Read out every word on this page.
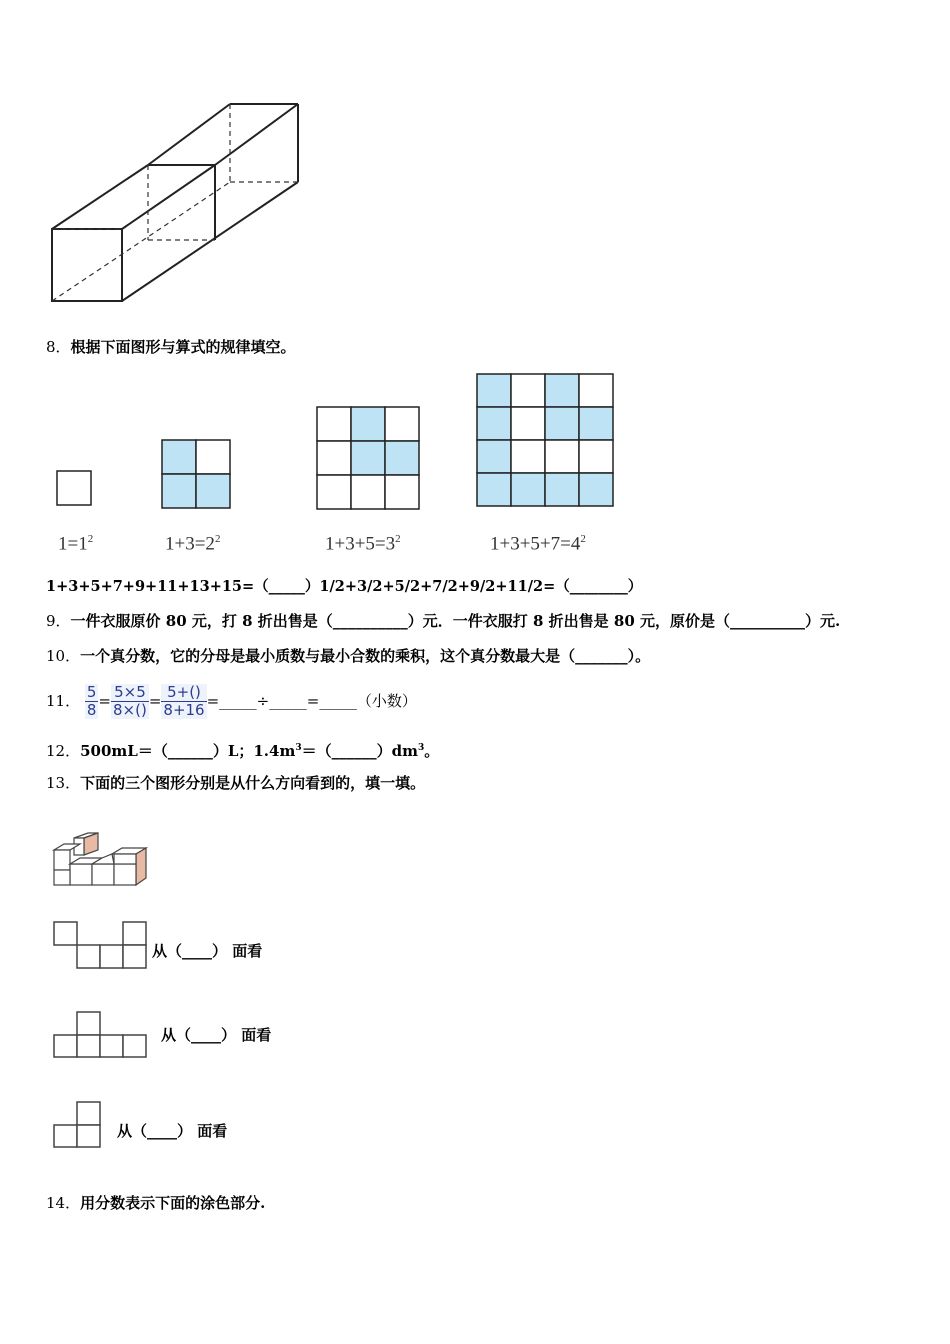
8．根据下面图形与算式的规律填空。
$1=1^2$	$1+3=2^2$	$1+3+5=3^2$	$1+3+5+7=4^2$
1+3+5+7+9+11+13+15=（_____）1/2+3/2+5/2+7/2+9/2+11/2=（________）
9．一件衣服原价 80 元，打 8 折出售是（__________）元．一件衣服打 8 折出售是 80 元，原价是（__________）元.
10．一个真分数，它的分母是最小质数与最小合数的乘积，这个真分数最大是（_______）。
11． $\frac{5}{8} = \frac{5\times 5}{8\times()} = \frac{5+()}{8+16}$ =_____÷_____=_____（小数）
12．500mL＝（______）L；$1.4m^3=(\_\_\_\_\_\_)dm^3$。
13．下面的三个图形分别是从什么方向看到的，填一填。
从（____） 面看
从（____） 面看
从（____） 面看
14．用分数表示下面的涂色部分.
